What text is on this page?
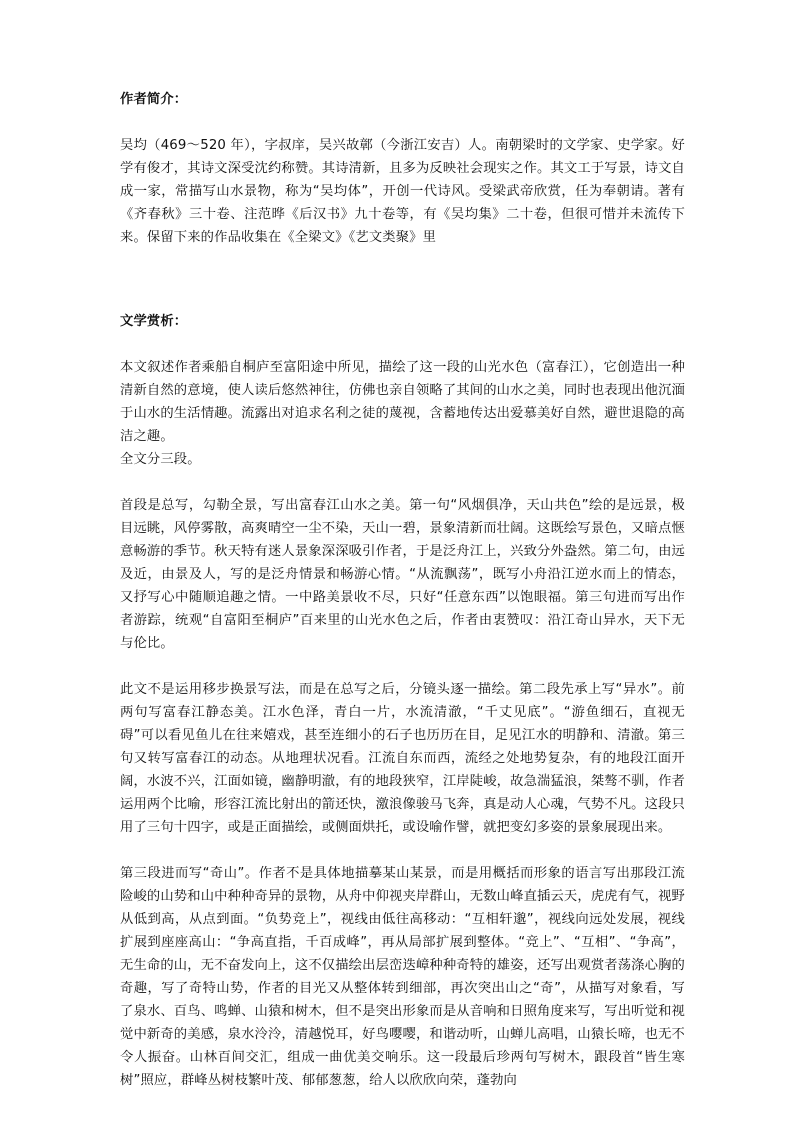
作者简介：

吴均（469～520 年），字叔庠，吴兴故鄣（今浙江安吉）人。南朝梁时的文学家、史学家。好学有俊才，其诗文深受沈约称赞。其诗清新，且多为反映社会现实之作。其文工于写景，诗文自成一家，常描写山水景物，称为“吴均体”，开创一代诗风。受梁武帝欣赏，任为奉朝请。著有《齐春秋》三十卷、注范晔《后汉书》九十卷等，有《吴均集》二十卷，但很可惜并未流传下来。保留下来的作品收集在《全梁文》《艺文类聚》里

文学赏析：

本文叙述作者乘船自桐庐至富阳途中所见，描绘了这一段的山光水色（富春江），它创造出一种清新自然的意境，使人读后悠然神往，仿佛也亲自领略了其间的山水之美，同时也表现出他沉湎于山水的生活情趣。流露出对追求名利之徒的蔑视，含蓄地传达出爱慕美好自然，避世退隐的高洁之趣。

全文分三段。

首段是总写，勾勒全景，写出富春江山水之美。第一句“风烟俱净，天山共色”绘的是远景，极目远眺，风停雾散，高爽晴空一尘不染，天山一碧，景象清新而壮阔。这既绘写景色，又暗点惬意畅游的季节。秋天特有迷人景象深深吸引作者，于是泛舟江上，兴致分外盎然。第二句，由远及近，由景及人，写的是泛舟情景和畅游心情。“从流飘荡”，既写小舟沿江逆水而上的情态，又抒写心中随顺追趣之情。一中路美景收不尽，只好“任意东西”以饱眼福。第三句进而写出作者游踪，统观“自富阳至桐庐”百来里的山光水色之后，作者由衷赞叹：沿江奇山异水，天下无与伦比。

此文不是运用移步换景写法，而是在总写之后，分镜头逐一描绘。第二段先承上写“异水”。前两句写富春江静态美。江水色泽，青白一片，水流清澈，“千丈见底”。“游鱼细石，直视无碍”可以看见鱼儿在往来嬉戏，甚至连细小的石子也历历在目，足见江水的明静和、清澈。第三句又转写富春江的动态。从地理状况看。江流自东而西，流经之处地势复杂，有的地段江面开阔，水波不兴，江面如镜，幽静明澈，有的地段狭窄，江岸陡峻，故急湍猛浪，桀骜不驯，作者运用两个比喻，形容江流比射出的箭还快，激浪像骏马飞奔，真是动人心魂，气势不凡。这段只用了三句十四字，或是正面描绘，或侧面烘托，或设喻作譬，就把变幻多姿的景象展现出来。

第三段进而写“奇山”。作者不是具体地描摹某山某景，而是用概括而形象的语言写出那段江流险峻的山势和山中种种奇异的景物，从舟中仰视夹岸群山，无数山峰直插云天，虎虎有气，视野从低到高，从点到面。“负势竞上”，视线由低往高移动：“互相轩邈”，视线向远处发展，视线扩展到座座高山：“争高直指，千百成峰”，再从局部扩展到整体。“竞上”、“互相”、“争高”，无生命的山，无不奋发向上，这不仅描绘出层峦迭嶂种种奇特的雄姿，还写出观赏者荡涤心胸的奇趣，写了奇特山势，作者的目光又从整体转到细部，再次突出山之“奇”，从描写对象看，写了泉水、百鸟、鸣蝉、山猿和树木，但不是突出形象而是从音响和日照角度来写，写出听觉和视觉中新奇的美感，泉水泠泠，清越悦耳，好鸟嘤嘤，和谐动听，山蝉儿高唱，山猿长啼，也无不令人振奋。山林百间交汇，组成一曲优美交响乐。这一段最后珍两句写树木，跟段首“皆生寒树”照应，群峰丛树枝繁叶茂、郁郁葱葱，给人以欣欣向荣，蓬勃向
